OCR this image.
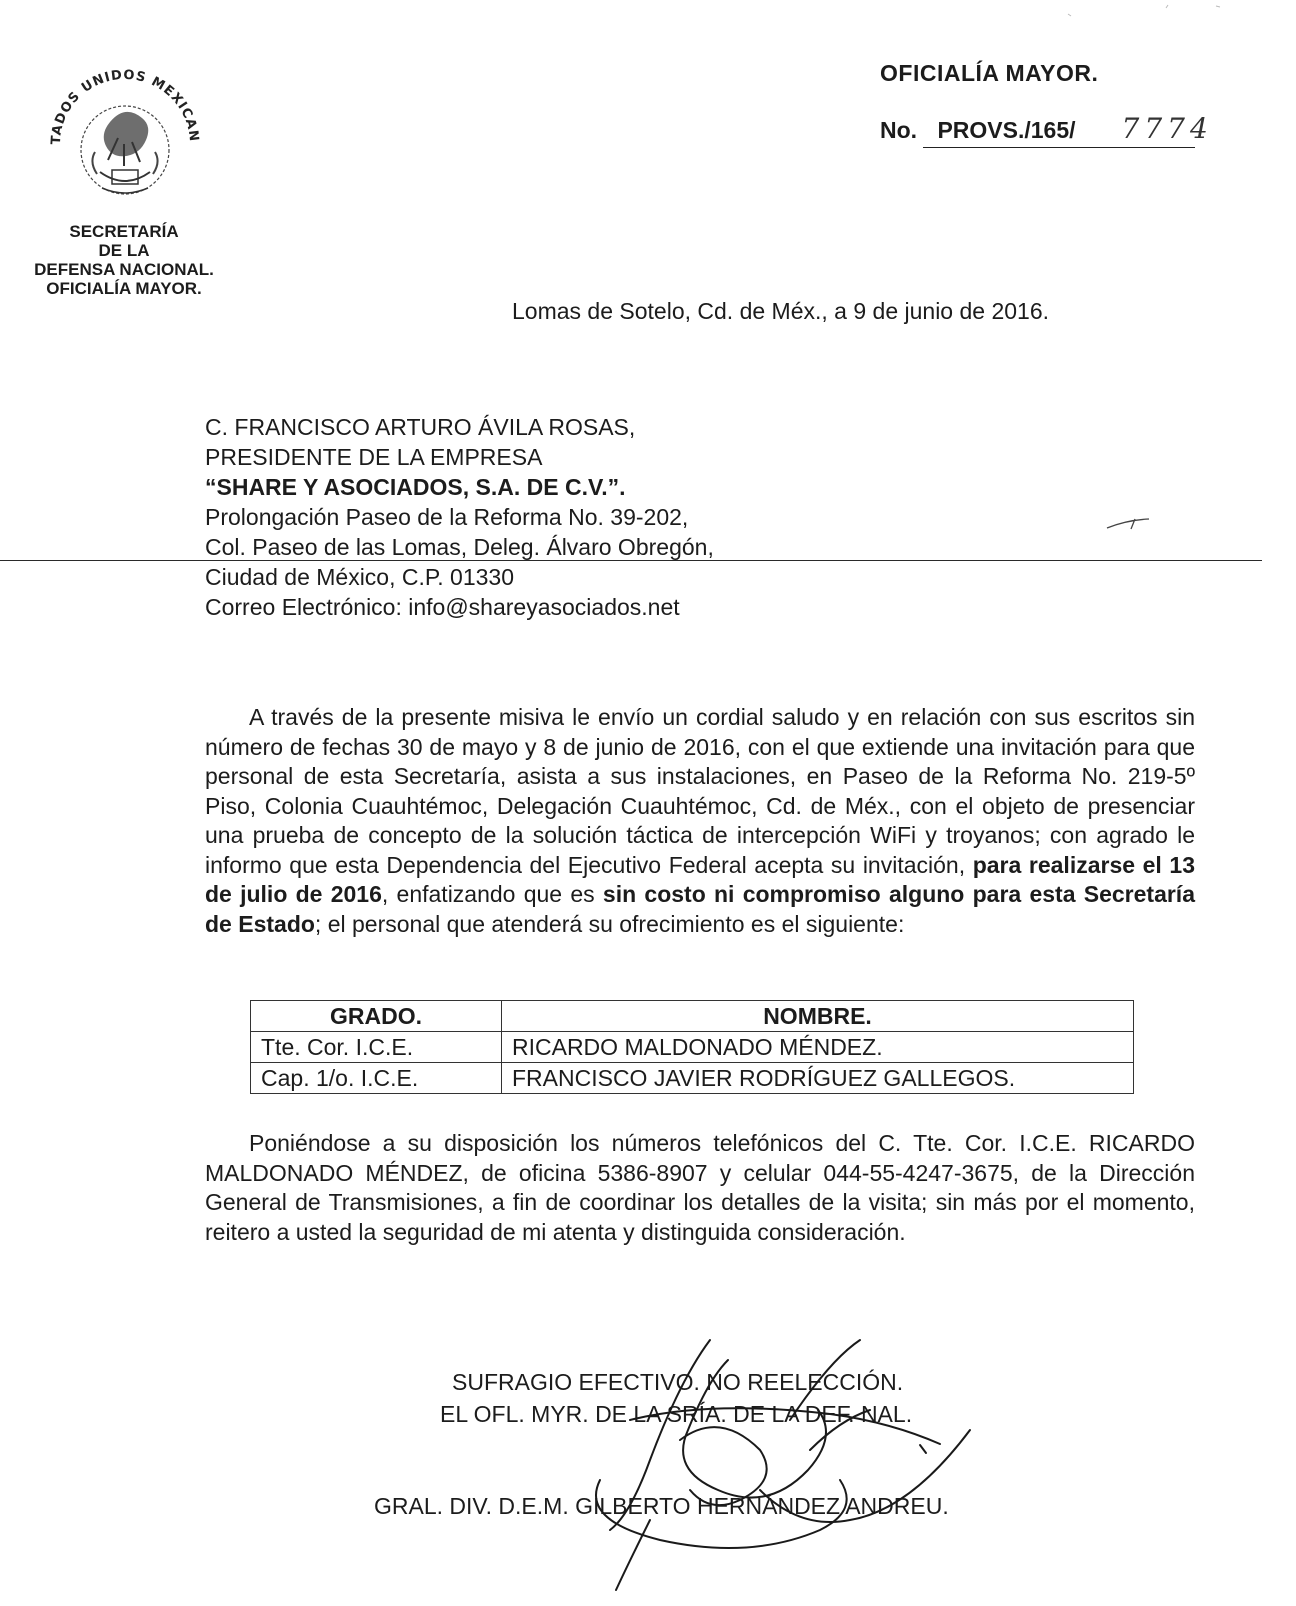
TADOS UNIDOS MEXICAN
SECRETARÍA
DE LA
DEFENSA NACIONAL.
OFICIALÍA MAYOR.
OFICIALÍA MAYOR.
No. PROVS./165/ 7774
Lomas de Sotelo, Cd. de Méx., a 9 de junio de 2016.
C. FRANCISCO ARTURO ÁVILA ROSAS,
PRESIDENTE DE LA EMPRESA
“SHARE Y ASOCIADOS, S.A. DE C.V.”.
Prolongación Paseo de la Reforma No. 39-202,
Col. Paseo de las Lomas, Deleg. Álvaro Obregón,
Ciudad de México, C.P. 01330
Correo Electrónico: info@shareyasociados.net

A través de la presente misiva le envío un cordial saludo y en relación con sus escritos sin número de fechas 30 de mayo y 8 de junio de 2016, con el que extiende una invitación para que personal de esta Secretaría, asista a sus instalaciones, en Paseo de la Reforma No. 219-5º Piso, Colonia Cuauhtémoc, Delegación Cuauhtémoc, Cd. de Méx., con el objeto de presenciar una prueba de concepto de la solución táctica de intercepción WiFi y troyanos; con agrado le informo que esta Dependencia del Ejecutivo Federal acepta su invitación, para realizarse el 13 de julio de 2016, enfatizando que es sin costo ni compromiso alguno para esta Secretaría de Estado; el personal que atenderá su ofrecimiento es el siguiente:

GRADO.	NOMBRE.
Tte. Cor. I.C.E.	RICARDO MALDONADO MÉNDEZ.
Cap. 1/o. I.C.E.	FRANCISCO JAVIER RODRÍGUEZ GALLEGOS.

Poniéndose a su disposición los números telefónicos del C. Tte. Cor. I.C.E. RICARDO MALDONADO MÉNDEZ, de oficina 5386-8907 y celular 044-55-4247-3675, de la Dirección General de Transmisiones, a fin de coordinar los detalles de la visita; sin más por el momento, reitero a usted la seguridad de mi atenta y distinguida consideración.

SUFRAGIO EFECTIVO. NO REELECCIÓN.
EL OFL. MYR. DE LA SRÍA. DE LA DEF. NAL.
GRAL. DIV. D.E.M. GILBERTO HERNÁNDEZ ANDREU.
